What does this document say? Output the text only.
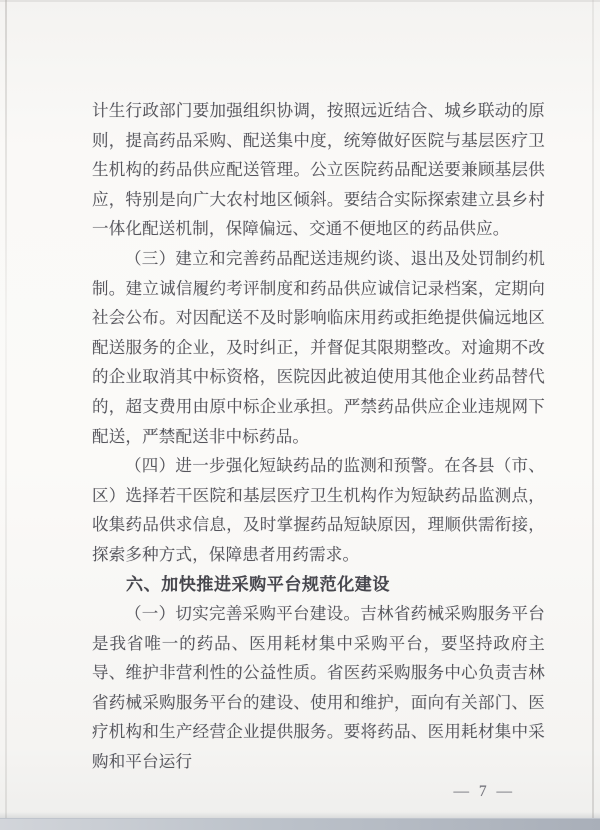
计生行政部门要加强组织协调，按照远近结合、城乡联动的原则，提高药品采购、配送集中度，统筹做好医院与基层医疗卫生机构的药品供应配送管理。公立医院药品配送要兼顾基层供应，特别是向广大农村地区倾斜。要结合实际探索建立县乡村一体化配送机制，保障偏远、交通不便地区的药品供应。

（三）建立和完善药品配送违规约谈、退出及处罚制约机制。建立诚信履约考评制度和药品供应诚信记录档案，定期向社会公布。对因配送不及时影响临床用药或拒绝提供偏远地区配送服务的企业，及时纠正，并督促其限期整改。对逾期不改的企业取消其中标资格，医院因此被迫使用其他企业药品替代的，超支费用由原中标企业承担。严禁药品供应企业违规网下配送，严禁配送非中标药品。

（四）进一步强化短缺药品的监测和预警。在各县（市、区）选择若干医院和基层医疗卫生机构作为短缺药品监测点，收集药品供求信息，及时掌握药品短缺原因，理顺供需衔接，探索多种方式，保障患者用药需求。

六、加快推进采购平台规范化建设

（一）切实完善采购平台建设。吉林省药械采购服务平台是我省唯一的药品、医用耗材集中采购平台，要坚持政府主导、维护非营利性的公益性质。省医药采购服务中心负责吉林省药械采购服务平台的建设、使用和维护，面向有关部门、医疗机构和生产经营企业提供服务。要将药品、医用耗材集中采购和平台运行

— 7 —
